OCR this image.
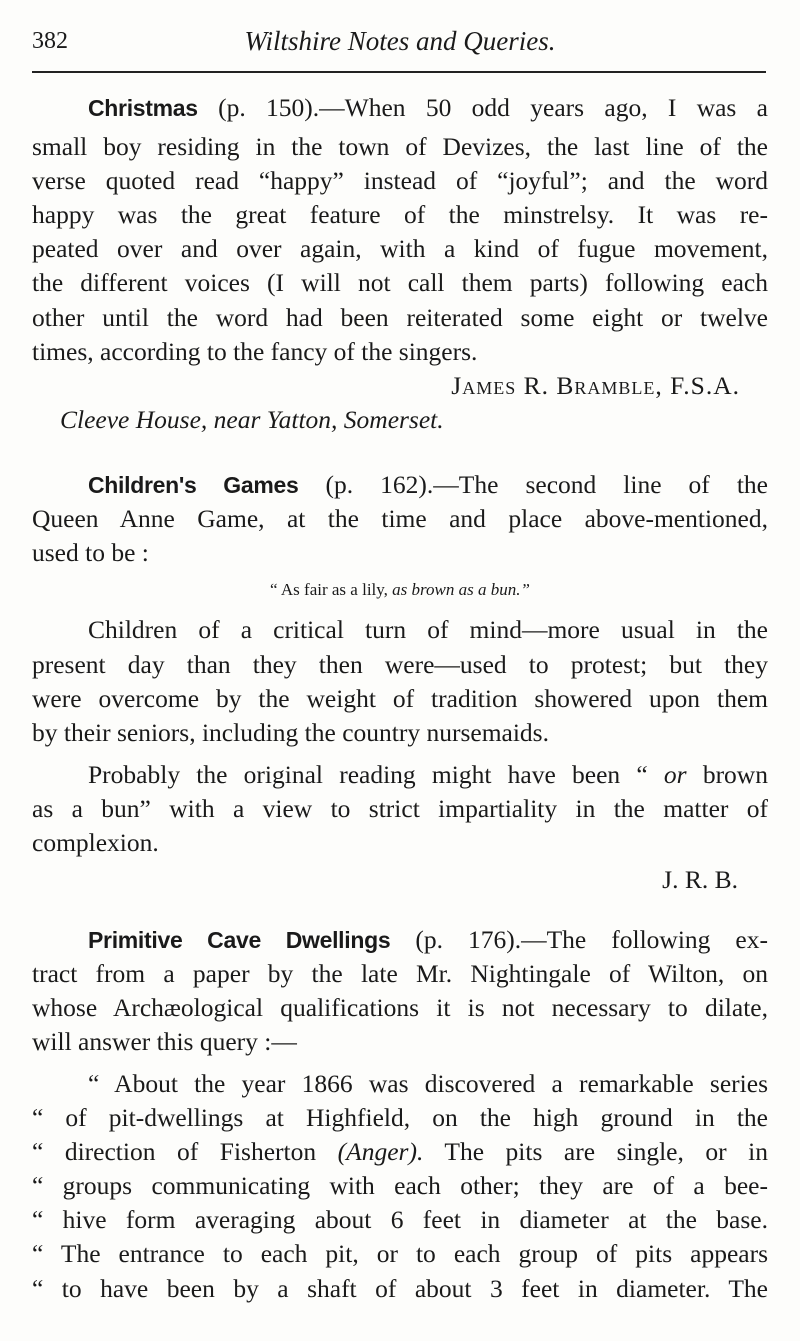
382	Wiltshire Notes and Queries.
Christmas (p. 150).—When 50 odd years ago, I was a
small boy residing in the town of Devizes, the last line of the
verse quoted read “happy” instead of “joyful”; and the word
happy was the great feature of the minstrelsy. It was re-
peated over and over again, with a kind of fugue movement,
the different voices (I will not call them parts) following each
other until the word had been reiterated some eight or twelve
times, according to the fancy of the singers.
James R. Bramble, F.S.A.
Cleeve House, near Yatton, Somerset.
Children's Games (p. 162).—The second line of the
Queen Anne Game, at the time and place above-mentioned,
used to be :
“ As fair as a lily, as brown as a bun.”
Children of a critical turn of mind—more usual in the
present day than they then were—used to protest; but they
were overcome by the weight of tradition showered upon them
by their seniors, including the country nursemaids.
Probably the original reading might have been “ or brown
as a bun” with a view to strict impartiality in the matter of
complexion.
J. R. B.
Primitive Cave Dwellings (p. 176).—The following ex-
tract from a paper by the late Mr. Nightingale of Wilton, on
whose Archæological qualifications it is not necessary to dilate,
will answer this query :—
“ About the year 1866 was discovered a remarkable series
“ of pit-dwellings at Highfield, on the high ground in the
“ direction of Fisherton (Anger). The pits are single, or in
“ groups communicating with each other; they are of a bee-
“ hive form averaging about 6 feet in diameter at the base.
“ The entrance to each pit, or to each group of pits appears
“ to have been by a shaft of about 3 feet in diameter. The
